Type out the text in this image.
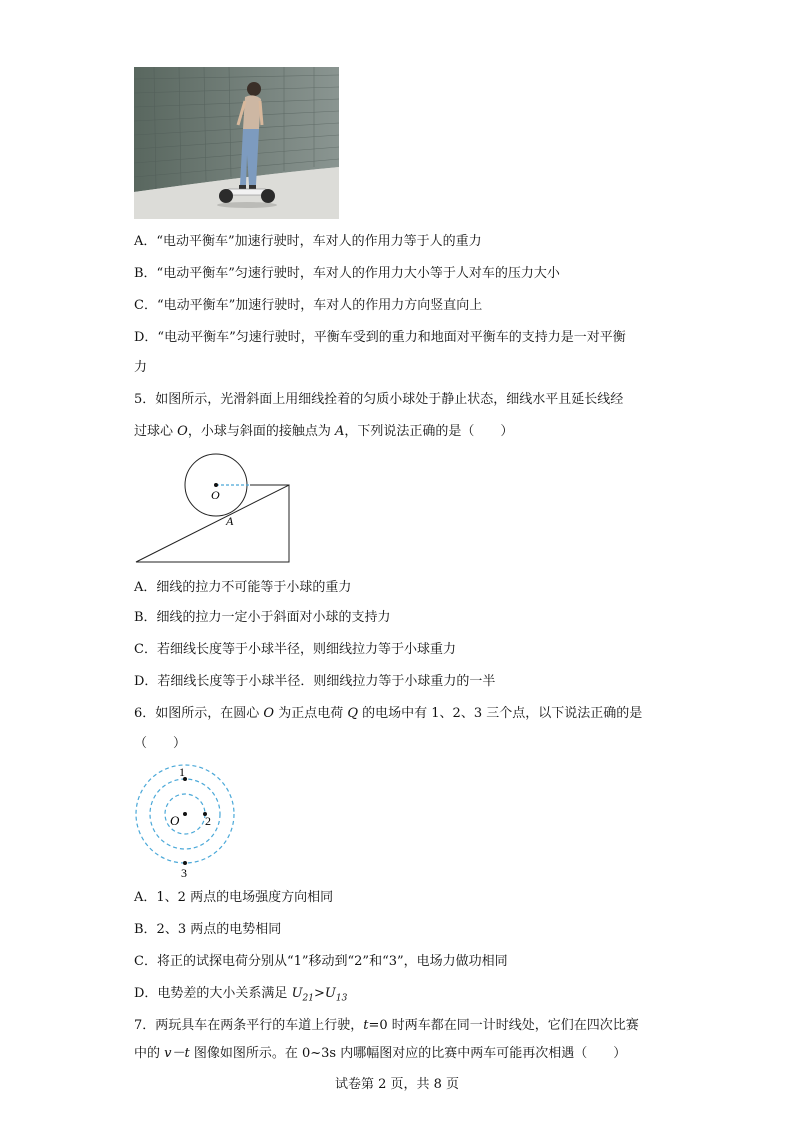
A．“电动平衡车”加速行驶时，车对人的作用力等于人的重力
B．“电动平衡车”匀速行驶时，车对人的作用力大小等于人对车的压力大小
C．“电动平衡车”加速行驶时，车对人的作用力方向竖直向上
D．“电动平衡车”匀速行驶时，平衡车受到的重力和地面对平衡车的支持力是一对平衡
力
5．如图所示，光滑斜面上用细线拴着的匀质小球处于静止状态，细线水平且延长线经
过球心 O，小球与斜面的接触点为 A，下列说法正确的是（　　）
O
A
A．细线的拉力不可能等于小球的重力
B．细线的拉力一定小于斜面对小球的支持力
C．若细线长度等于小球半径，则细线拉力等于小球重力
D．若细线长度等于小球半径．则细线拉力等于小球重力的一半
6．如图所示，在圆心 O 为正点电荷 Q 的电场中有 1、2、3 三个点，以下说法正确的是
（　　）
1
2
3
O
A．1、2 两点的电场强度方向相同
B．2、3 两点的电势相同
C．将正的试探电荷分别从“1”移动到“2”和“3”，电场力做功相同
D．电势差的大小关系满足 $U_{21}>U_{13}$
7．两玩具车在两条平行的车道上行驶，t=0 时两车都在同一计时线处，它们在四次比赛
中的 v－t 图像如图所示。在 0~3s 内哪幅图对应的比赛中两车可能再次相遇（　　）
试卷第 2 页，共 8 页
